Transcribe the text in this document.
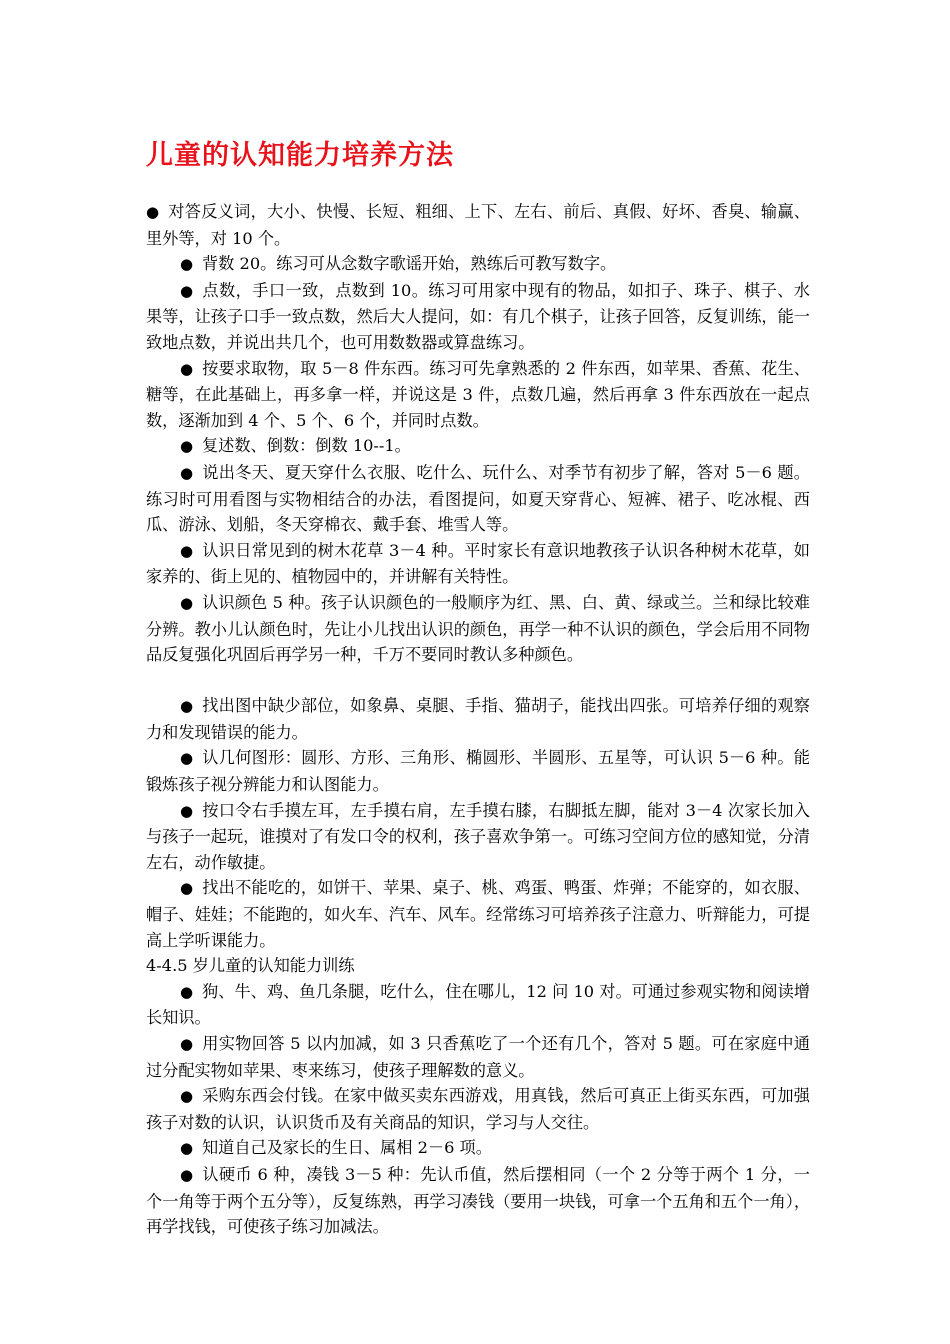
儿童的认知能力培养方法

● 对答反义词，大小、快慢、长短、粗细、上下、左右、前后、真假、好坏、香臭、输赢、里外等，对 10 个。

● 背数 20。练习可从念数字歌谣开始，熟练后可教写数字。

● 点数，手口一致，点数到 10。练习可用家中现有的物品，如扣子、珠子、棋子、水果等，让孩子口手一致点数，然后大人提问，如：有几个棋子，让孩子回答，反复训练，能一致地点数，并说出共几个，也可用数数器或算盘练习。

● 按要求取物，取 5－8 件东西。练习可先拿熟悉的 2 件东西，如苹果、香蕉、花生、糖等，在此基础上，再多拿一样，并说这是 3 件，点数几遍，然后再拿 3 件东西放在一起点数，逐渐加到 4 个、5 个、6 个，并同时点数。

● 复述数、倒数：倒数 10--1。

● 说出冬天、夏天穿什么衣服、吃什么、玩什么、对季节有初步了解，答对 5－6 题。练习时可用看图与实物相结合的办法，看图提问，如夏天穿背心、短裤、裙子、吃冰棍、西瓜、游泳、划船，冬天穿棉衣、戴手套、堆雪人等。

● 认识日常见到的树木花草 3－4 种。平时家长有意识地教孩子认识各种树木花草，如家养的、街上见的、植物园中的，并讲解有关特性。

● 认识颜色 5 种。孩子认识颜色的一般顺序为红、黑、白、黄、绿或兰。兰和绿比较难分辨。教小儿认颜色时，先让小儿找出认识的颜色，再学一种不认识的颜色，学会后用不同物品反复强化巩固后再学另一种，千万不要同时教认多种颜色。

● 找出图中缺少部位，如象鼻、桌腿、手指、猫胡子，能找出四张。可培养仔细的观察力和发现错误的能力。

● 认几何图形：圆形、方形、三角形、椭圆形、半圆形、五星等，可认识 5－6 种。能锻炼孩子视分辨能力和认图能力。

● 按口令右手摸左耳，左手摸右肩，左手摸右膝，右脚抵左脚，能对 3－4 次家长加入与孩子一起玩，谁摸对了有发口令的权利，孩子喜欢争第一。可练习空间方位的感知觉，分清左右，动作敏捷。

● 找出不能吃的，如饼干、苹果、桌子、桃、鸡蛋、鸭蛋、炸弹；不能穿的，如衣服、帽子、娃娃；不能跑的，如火车、汽车、风车。经常练习可培养孩子注意力、听辩能力，可提高上学听课能力。

4-4.5 岁儿童的认知能力训练

● 狗、牛、鸡、鱼几条腿，吃什么，住在哪儿，12 问 10 对。可通过参观实物和阅读增长知识。

● 用实物回答 5 以内加减，如 3 只香蕉吃了一个还有几个，答对 5 题。可在家庭中通过分配实物如苹果、枣来练习，使孩子理解数的意义。

● 采购东西会付钱。在家中做买卖东西游戏，用真钱，然后可真正上街买东西，可加强孩子对数的认识，认识货币及有关商品的知识，学习与人交往。

● 知道自己及家长的生日、属相 2－6 项。

● 认硬币 6 种，凑钱 3－5 种：先认币值，然后摆相同（一个 2 分等于两个 1 分，一个一角等于两个五分等），反复练熟，再学习凑钱（要用一块钱，可拿一个五角和五个一角），再学找钱，可使孩子练习加减法。
